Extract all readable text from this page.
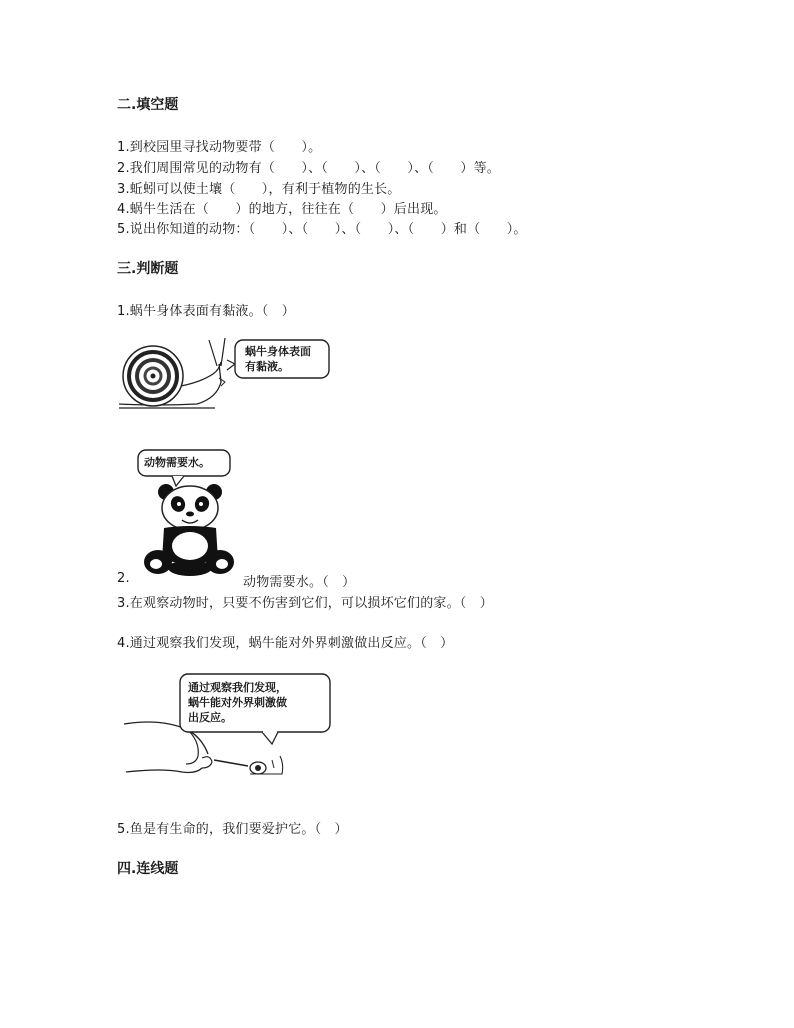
二.填空题
1.到校园里寻找动物要带（　　）。
2.我们周围常见的动物有（　　）、（　　）、（　　）、（　　）等。
3.蚯蚓可以使土壤（　　），有利于植物的生长。
4.蜗牛生活在（　　）的地方，往往在（　　）后出现。
5.说出你知道的动物：（　　）、（　　）、（　　）、（　　）和（　　）。
三.判断题
1.蜗牛身体表面有黏液。（　）
蜗牛身体表面
有黏液。
动物需要水。
2.	动物需要水。（　）
3.在观察动物时，只要不伤害到它们，可以损坏它们的家。（　）
4.通过观察我们发现，蜗牛能对外界刺激做出反应。（　）
通过观察我们发现，
蜗牛能对外界刺激做
出反应。
5.鱼是有生命的，我们要爱护它。（　）
四.连线题
